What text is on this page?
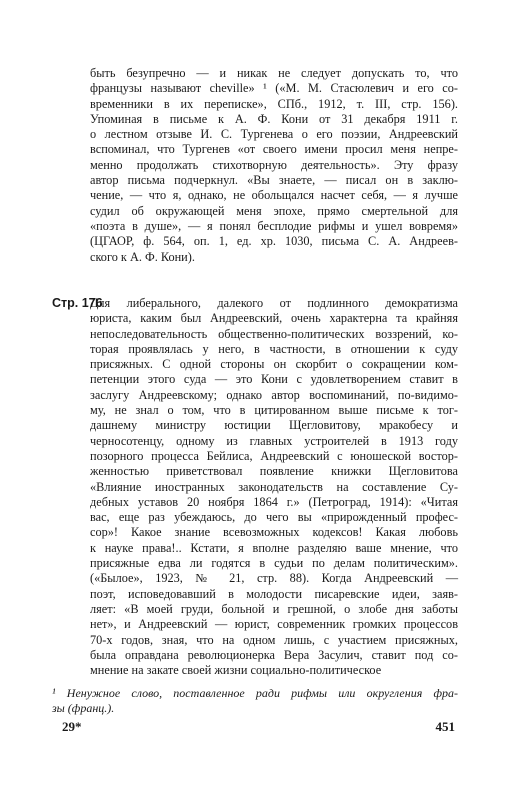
быть безупречно — и никак не следует допускать то, что
французы называют cheville» ¹ («М. М. Стасюлевич и его со-
временники в их переписке», СПб., 1912, т. III, стр. 156).
Упоминая в письме к А. Ф. Кони от 31 декабря 1911 г.
о лестном отзыве И. С. Тургенева о его поэзии, Андреевский
вспоминал, что Тургенев «от своего имени просил меня непре-
менно продолжать стихотворную деятельность». Эту фразу
автор письма подчеркнул. «Вы знаете, — писал он в заклю-
чение, — что я, однако, не обольщался насчет себя, — я лучше
судил об окружающей меня эпохе, прямо смертельной для
«поэта в душе», — я понял бесплодие рифмы и ушел вовремя»
(ЦГАОР, ф. 564, оп. 1, ед. хр. 1030, письма С. А. Андреев-
ского к А. Ф. Кони).
Стр. 176
Для либерального, далекого от подлинного демократизма
юриста, каким был Андреевский, очень характерна та крайняя
непоследовательность общественно-политических воззрений, ко-
торая проявлялась у него, в частности, в отношении к суду
присяжных. С одной стороны он скорбит о сокращении ком-
петенции этого суда — это Кони с удовлетворением ставит в
заслугу Андреевскому; однако автор воспоминаний, по-видимо-
му, не знал о том, что в цитированном выше письме к тог-
дашнему министру юстиции Щегловитову, мракобесу и
черносотенцу, одному из главных устроителей в 1913 году
позорного процесса Бейлиса, Андреевский с юношеской востор-
женностью приветствовал появление книжки Щегловитова
«Влияние иностранных законодательств на составление Су-
дебных уставов 20 ноября 1864 г.» (Петроград, 1914): «Читая
вас, еще раз убеждаюсь, до чего вы «прирожденный профес-
сор»! Какое знание всевозможных кодексов! Какая любовь
к науке права!.. Кстати, я вполне разделяю ваше мнение, что
присяжные едва ли годятся в судьи по делам политическим».
(«Былое», 1923, № 21, стр. 88). Когда Андреевский —
поэт, исповедовавший в молодости писаревские идеи, заяв-
ляет: «В моей груди, больной и грешной, о злобе дня заботы
нет», и Андреевский — юрист, современник громких процессов
70-х годов, зная, что на одном лишь, с участием присяжных,
была оправдана революционерка Вера Засулич, ставит под со-
мнение на закате своей жизни социально-политическое
¹ Ненужное слово, поставленное ради рифмы или округления фра-
зы (франц.).
29*	451
